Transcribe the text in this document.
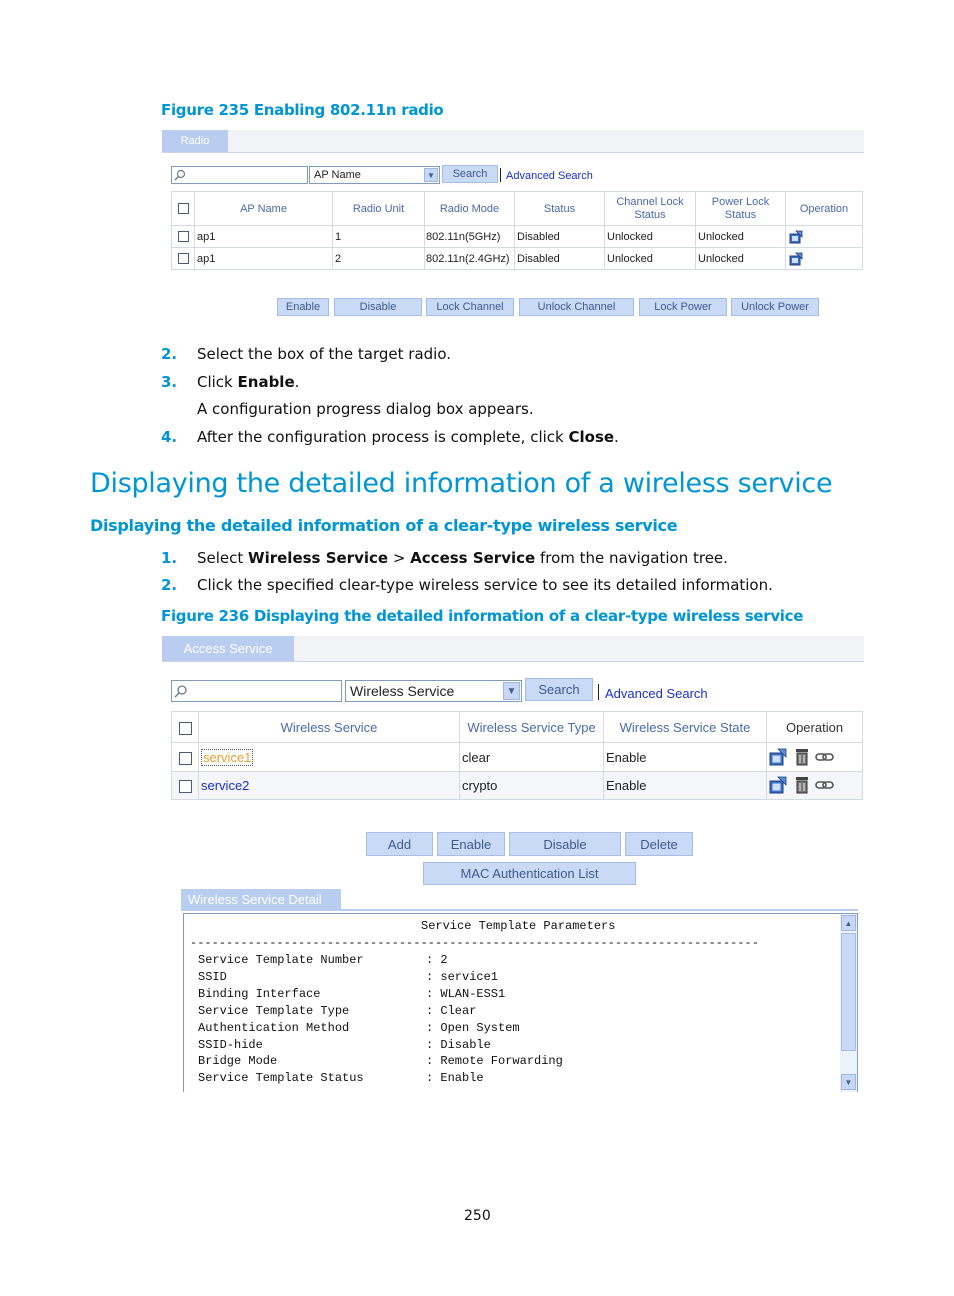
Figure 235 Enabling 802.11n radio
Radio
AP Name	▼	Search	Advanced Search
	AP Name	Radio Unit	Radio Mode	Status	Channel Lock Status	Power Lock Status	Operation
	ap1	1	802.11n(5GHz)	Disabled	Unlocked	Unlocked	
	ap1	2	802.11n(2.4GHz)	Disabled	Unlocked	Unlocked	
Enable	Disable	Lock Channel	Unlock Channel	Lock Power	Unlock Power
2. Select the box of the target radio.
3. Click Enable.
A configuration progress dialog box appears.
4. After the configuration process is complete, click Close.
Displaying the detailed information of a wireless service
Displaying the detailed information of a clear-type wireless service
1. Select Wireless Service > Access Service from the navigation tree.
2. Click the specified clear-type wireless service to see its detailed information.
Figure 236 Displaying the detailed information of a clear-type wireless service
Access Service
Wireless Service	▼	Search	Advanced Search
	Wireless Service	Wireless Service Type	Wireless Service State	Operation
	service1	clear	Enable	
	service2	crypto	Enable	
Add	Enable	Disable	Delete
MAC Authentication List
Wireless Service Detail
Service Template Parameters
-------------------------------------------------------------------------------
Service Template Number	: 2
SSID	: service1
Binding Interface	: WLAN-ESS1
Service Template Type	: Clear
Authentication Method	: Open System
SSID-hide	: Disable
Bridge Mode	: Remote Forwarding
Service Template Status	: Enable
▲
▼
250
